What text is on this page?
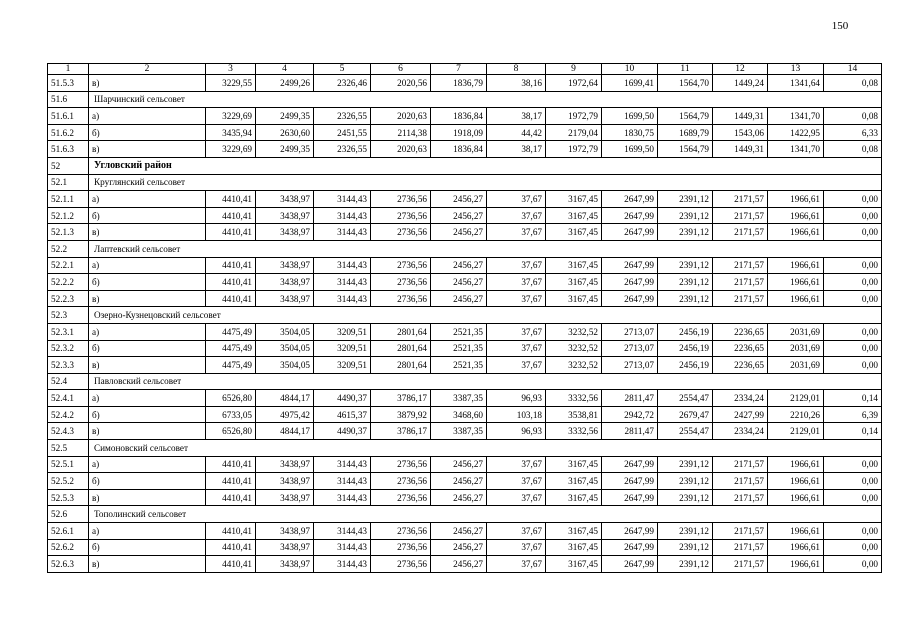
150
1	2	3	4	5	6	7	8	9	10	11	12	13	14
51.5.3	в)	3229,55	2499,26	2326,46	2020,56	1836,79	38,16	1972,64	1699,41	1564,70	1449,24	1341,64	0,08
51.6	Шарчинский сельсовет												
51.6.1	а)	3229,69	2499,35	2326,55	2020,63	1836,84	38,17	1972,79	1699,50	1564,79	1449,31	1341,70	0,08
51.6.2	б)	3435,94	2630,60	2451,55	2114,38	1918,09	44,42	2179,04	1830,75	1689,79	1543,06	1422,95	6,33
51.6.3	в)	3229,69	2499,35	2326,55	2020,63	1836,84	38,17	1972,79	1699,50	1564,79	1449,31	1341,70	0,08
52	Угловский район												
52.1	Круглянский сельсовет												
52.1.1	а)	4410,41	3438,97	3144,43	2736,56	2456,27	37,67	3167,45	2647,99	2391,12	2171,57	1966,61	0,00
52.1.2	б)	4410,41	3438,97	3144,43	2736,56	2456,27	37,67	3167,45	2647,99	2391,12	2171,57	1966,61	0,00
52.1.3	в)	4410,41	3438,97	3144,43	2736,56	2456,27	37,67	3167,45	2647,99	2391,12	2171,57	1966,61	0,00
52.2	Лаптевский сельсовет												
52.2.1	а)	4410,41	3438,97	3144,43	2736,56	2456,27	37,67	3167,45	2647,99	2391,12	2171,57	1966,61	0,00
52.2.2	б)	4410,41	3438,97	3144,43	2736,56	2456,27	37,67	3167,45	2647,99	2391,12	2171,57	1966,61	0,00
52.2.3	в)	4410,41	3438,97	3144,43	2736,56	2456,27	37,67	3167,45	2647,99	2391,12	2171,57	1966,61	0,00
52.3	Озерно-Кузнецовский сельсовет												
52.3.1	а)	4475,49	3504,05	3209,51	2801,64	2521,35	37,67	3232,52	2713,07	2456,19	2236,65	2031,69	0,00
52.3.2	б)	4475,49	3504,05	3209,51	2801,64	2521,35	37,67	3232,52	2713,07	2456,19	2236,65	2031,69	0,00
52.3.3	в)	4475,49	3504,05	3209,51	2801,64	2521,35	37,67	3232,52	2713,07	2456,19	2236,65	2031,69	0,00
52.4	Павловский сельсовет												
52.4.1	а)	6526,80	4844,17	4490,37	3786,17	3387,35	96,93	3332,56	2811,47	2554,47	2334,24	2129,01	0,14
52.4.2	б)	6733,05	4975,42	4615,37	3879,92	3468,60	103,18	3538,81	2942,72	2679,47	2427,99	2210,26	6,39
52.4.3	в)	6526,80	4844,17	4490,37	3786,17	3387,35	96,93	3332,56	2811,47	2554,47	2334,24	2129,01	0,14
52.5	Симоновский сельсовет												
52.5.1	а)	4410,41	3438,97	3144,43	2736,56	2456,27	37,67	3167,45	2647,99	2391,12	2171,57	1966,61	0,00
52.5.2	б)	4410,41	3438,97	3144,43	2736,56	2456,27	37,67	3167,45	2647,99	2391,12	2171,57	1966,61	0,00
52.5.3	в)	4410,41	3438,97	3144,43	2736,56	2456,27	37,67	3167,45	2647,99	2391,12	2171,57	1966,61	0,00
52.6	Тополинский сельсовет												
52.6.1	а)	4410,41	3438,97	3144,43	2736,56	2456,27	37,67	3167,45	2647,99	2391,12	2171,57	1966,61	0,00
52.6.2	б)	4410,41	3438,97	3144,43	2736,56	2456,27	37,67	3167,45	2647,99	2391,12	2171,57	1966,61	0,00
52.6.3	в)	4410,41	3438,97	3144,43	2736,56	2456,27	37,67	3167,45	2647,99	2391,12	2171,57	1966,61	0,00
